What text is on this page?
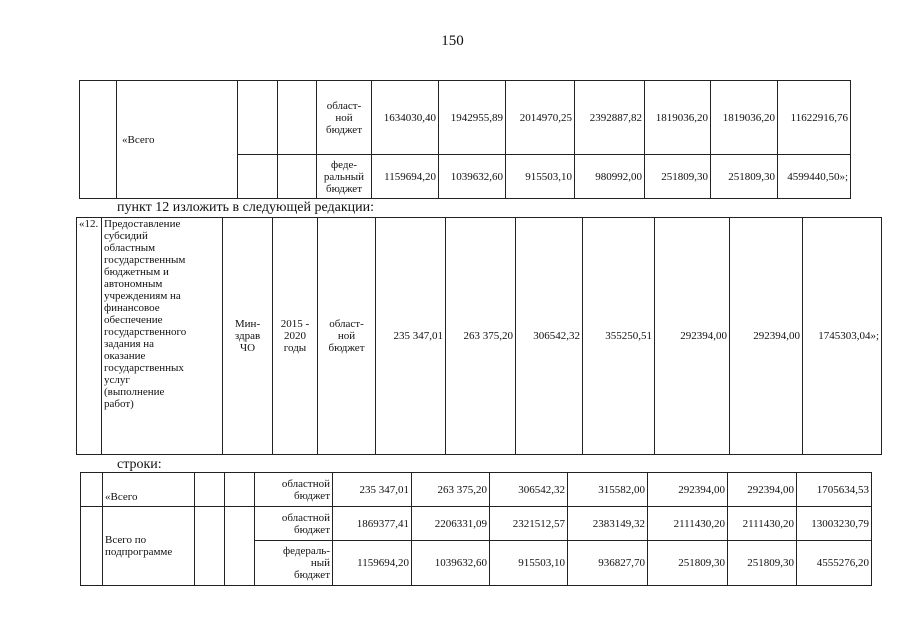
150
	«Всего			област-
ной
бюджет	1634030,40	1942955,89	2014970,25	2392887,82	1819036,20	1819036,20	11622916,76
				феде-
ральный
бюджет	1159694,20	1039632,60	915503,10	980992,00	251809,30	251809,30	4599440,50»;
пункт 12 изложить в следующей редакции:
«12.	Предоставление
субсидий
областным
государственным
бюджетным и
автономным
учреждениям на
финансовое
обеспечение
государственного
задания на
оказание
государственных
услуг
(выполнение
работ)	Мин-
здрав
ЧО	2015 -
2020
годы	област-
ной
бюджет	235 347,01	263 375,20	306542,32	355250,51	292394,00	292394,00	1745303,04»;
строки:
	«Всего			областной
бюджет	235 347,01	263 375,20	306542,32	315582,00	292394,00	292394,00	1705634,53
	Всего по
подпрограмме			областной
бюджет	1869377,41	2206331,09	2321512,57	2383149,32	2111430,20	2111430,20	13003230,79
				федераль-
ный
бюджет	1159694,20	1039632,60	915503,10	936827,70	251809,30	251809,30	4555276,20
